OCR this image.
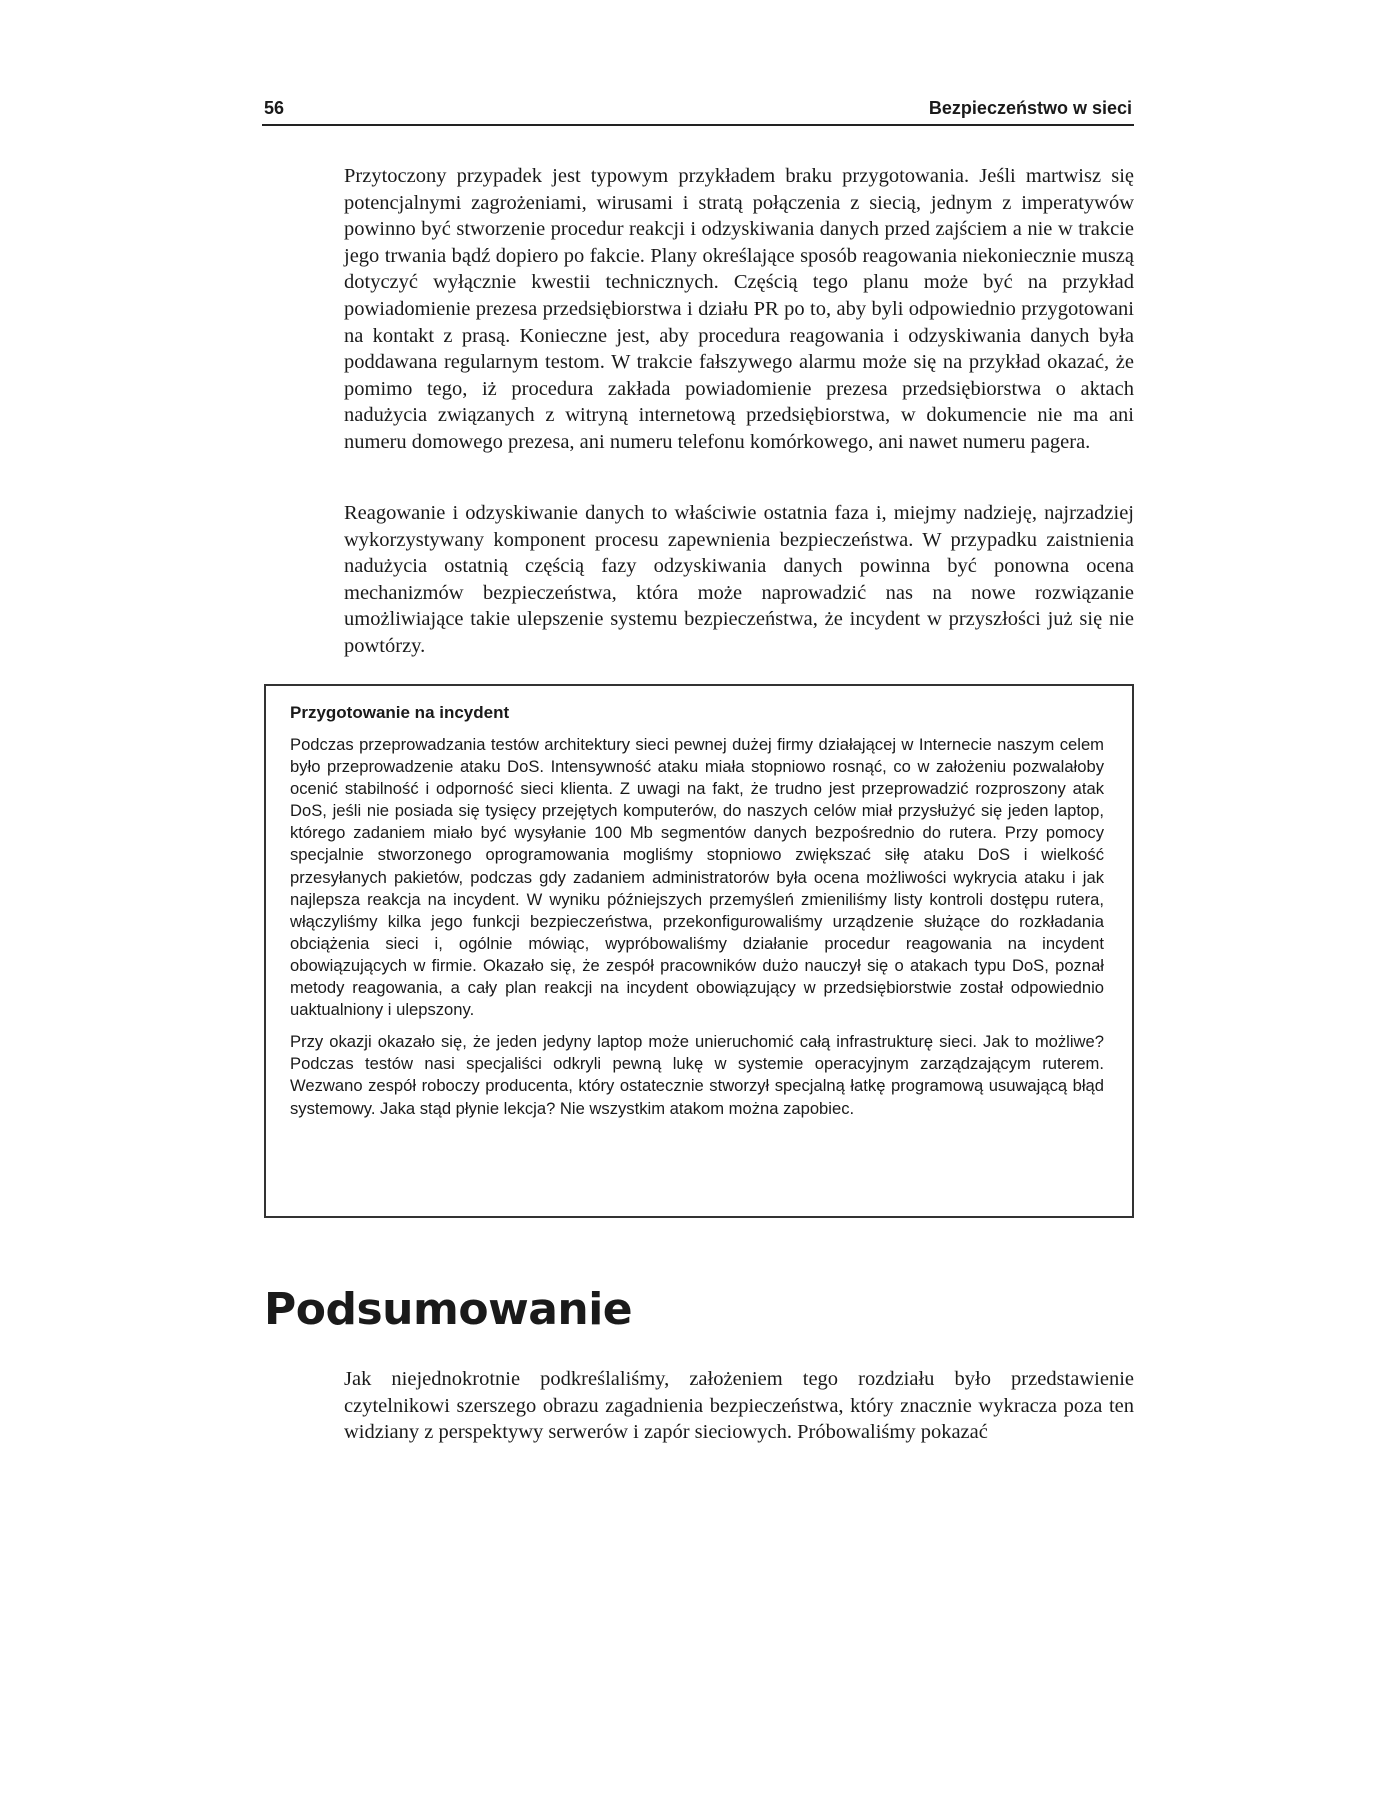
56	Bezpieczeństwo w sieci

Przytoczony przypadek jest typowym przykładem braku przygotowania. Jeśli martwisz się potencjalnymi zagrożeniami, wirusami i stratą połączenia z siecią, jednym z imperatywów powinno być stworzenie procedur reakcji i odzyskiwania danych przed zajściem a nie w trakcie jego trwania bądź dopiero po fakcie. Plany określające sposób reagowania niekoniecznie muszą dotyczyć wyłącznie kwestii technicznych. Częścią tego planu może być na przykład powiadomienie prezesa przedsiębiorstwa i działu PR po to, aby byli odpowiednio przygotowani na kontakt z prasą. Konieczne jest, aby procedura reagowania i odzyskiwania danych była poddawana regularnym testom. W trakcie fałszywego alarmu może się na przykład okazać, że pomimo tego, iż procedura zakłada powiadomienie prezesa przedsiębiorstwa o aktach nadużycia związanych z witryną internetową przedsiębiorstwa, w dokumencie nie ma ani numeru domowego prezesa, ani numeru telefonu komórkowego, ani nawet numeru pagera.

Reagowanie i odzyskiwanie danych to właściwie ostatnia faza i, miejmy nadzieję, najrzadziej wykorzystywany komponent procesu zapewnienia bezpieczeństwa. W przypadku zaistnienia nadużycia ostatnią częścią fazy odzyskiwania danych powinna być ponowna ocena mechanizmów bezpieczeństwa, która może naprowadzić nas na nowe rozwiązanie umożliwiające takie ulepszenie systemu bezpieczeństwa, że incydent w przyszłości już się nie powtórzy.

Przygotowanie na incydent

Podczas przeprowadzania testów architektury sieci pewnej dużej firmy działającej w Internecie naszym celem było przeprowadzenie ataku DoS. Intensywność ataku miała stopniowo rosnąć, co w założeniu pozwalałoby ocenić stabilność i odporność sieci klienta. Z uwagi na fakt, że trudno jest przeprowadzić rozproszony atak DoS, jeśli nie posiada się tysięcy przejętych komputerów, do naszych celów miał przysłużyć się jeden laptop, którego zadaniem miało być wysyłanie 100 Mb segmentów danych bezpośrednio do rutera. Przy pomocy specjalnie stworzonego oprogramowania mogliśmy stopniowo zwiększać siłę ataku DoS i wielkość przesyłanych pakietów, podczas gdy zadaniem administratorów była ocena możliwości wykrycia ataku i jak najlepsza reakcja na incydent. W wyniku późniejszych przemyśleń zmieniliśmy listy kontroli dostępu rutera, włączyliśmy kilka jego funkcji bezpieczeństwa, przekonfigurowaliśmy urządzenie służące do rozkładania obciążenia sieci i, ogólnie mówiąc, wypróbowaliśmy działanie procedur reagowania na incydent obowiązujących w firmie. Okazało się, że zespół pracowników dużo nauczył się o atakach typu DoS, poznał metody reagowania, a cały plan reakcji na incydent obowiązujący w przedsiębiorstwie został odpowiednio uaktualniony i ulepszony.

Przy okazji okazało się, że jeden jedyny laptop może unieruchomić całą infrastrukturę sieci. Jak to możliwe? Podczas testów nasi specjaliści odkryli pewną lukę w systemie operacyjnym zarządzającym ruterem. Wezwano zespół roboczy producenta, który ostatecznie stworzył specjalną łatkę programową usuwającą błąd systemowy. Jaka stąd płynie lekcja? Nie wszystkim atakom można zapobiec.

Podsumowanie

Jak niejednokrotnie podkreślaliśmy, założeniem tego rozdziału było przedstawienie czytelnikowi szerszego obrazu zagadnienia bezpieczeństwa, który znacznie wykracza poza ten widziany z perspektywy serwerów i zapór sieciowych. Próbowaliśmy pokazać
